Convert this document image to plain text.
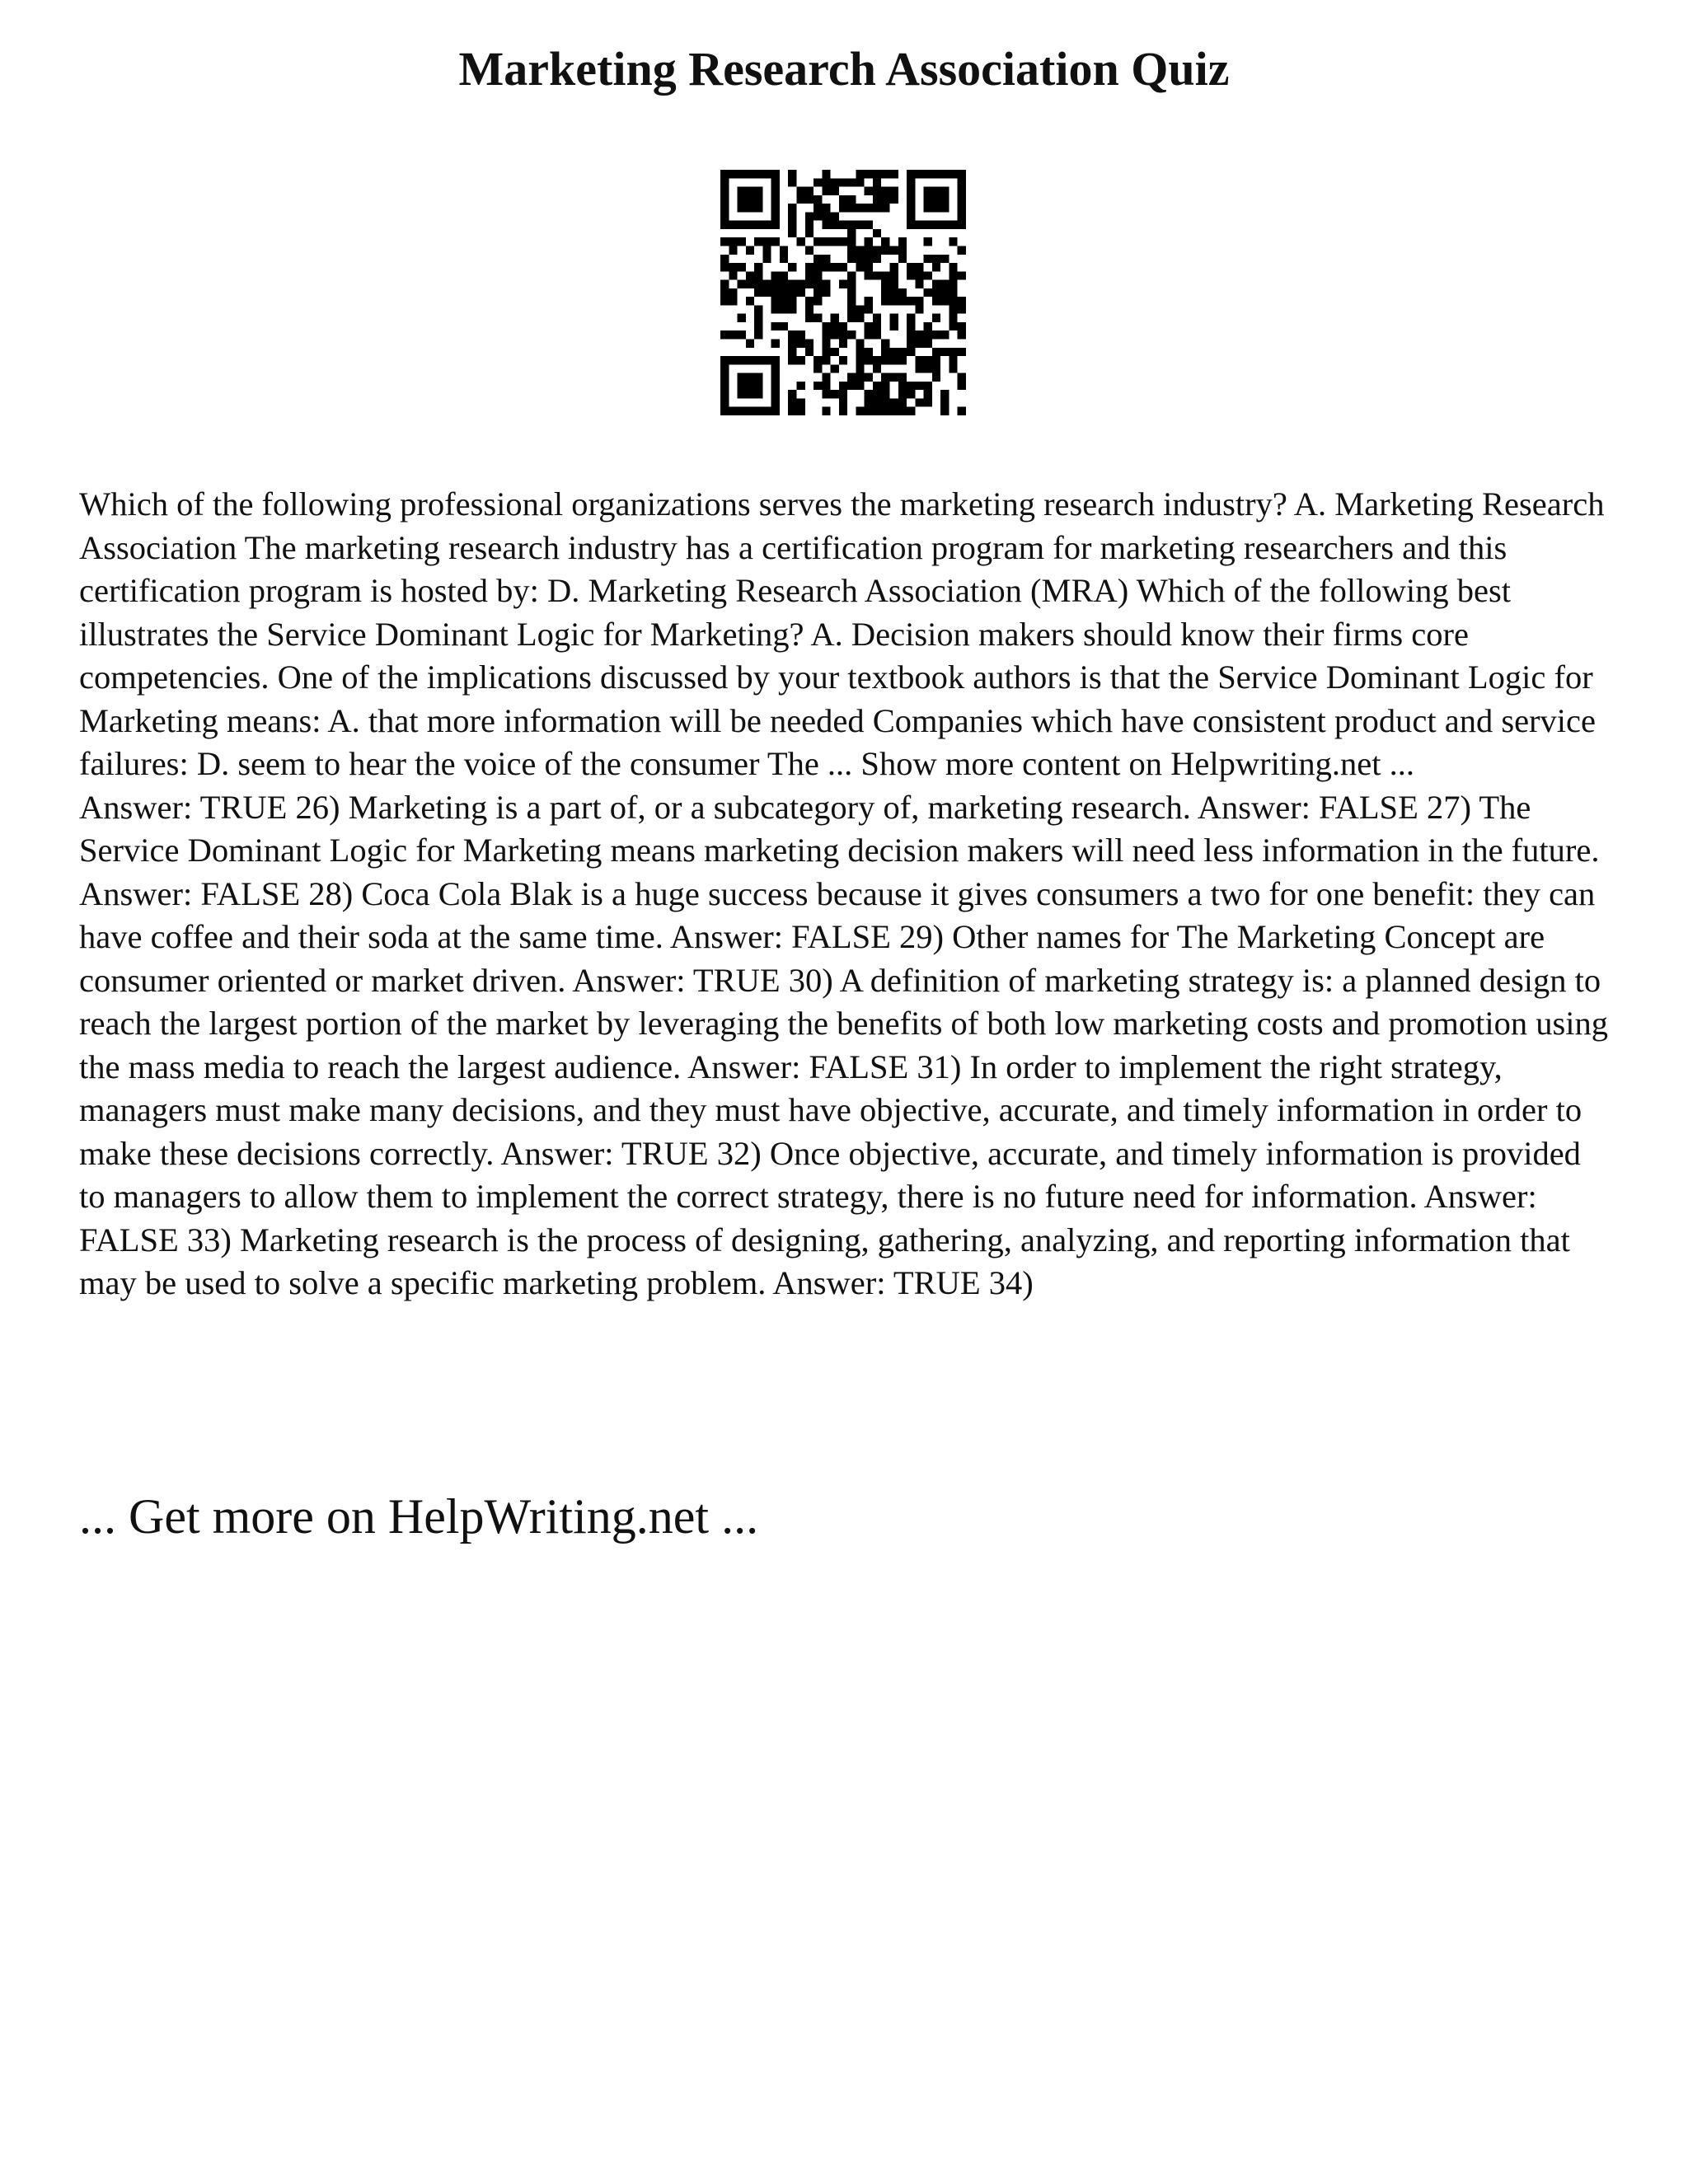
Marketing Research Association Quiz

Which of the following professional organizations serves the marketing research industry? A. Marketing Research Association The marketing research industry has a certification program for marketing researchers and this certification program is hosted by: D. Marketing Research Association (MRA) Which of the following best illustrates the Service Dominant Logic for Marketing? A. Decision makers should know their firms core competencies. One of the implications discussed by your textbook authors is that the Service Dominant Logic for Marketing means: A. that more information will be needed Companies which have consistent product and service failures: D. seem to hear the voice of the consumer The ... Show more content on Helpwriting.net ...

Answer: TRUE 26) Marketing is a part of, or a subcategory of, marketing research. Answer: FALSE 27) The Service Dominant Logic for Marketing means marketing decision makers will need less information in the future. Answer: FALSE 28) Coca Cola Blak is a huge success because it gives consumers a two for one benefit: they can have coffee and their soda at the same time. Answer: FALSE 29) Other names for The Marketing Concept are consumer oriented or market driven. Answer: TRUE 30) A definition of marketing strategy is: a planned design to reach the largest portion of the market by leveraging the benefits of both low marketing costs and promotion using the mass media to reach the largest audience. Answer: FALSE 31) In order to implement the right strategy, managers must make many decisions, and they must have objective, accurate, and timely information in order to make these decisions correctly. Answer: TRUE 32) Once objective, accurate, and timely information is provided to managers to allow them to implement the correct strategy, there is no future need for information. Answer: FALSE 33) Marketing research is the process of designing, gathering, analyzing, and reporting information that may be used to solve a specific marketing problem. Answer: TRUE 34)

... Get more on HelpWriting.net ...
